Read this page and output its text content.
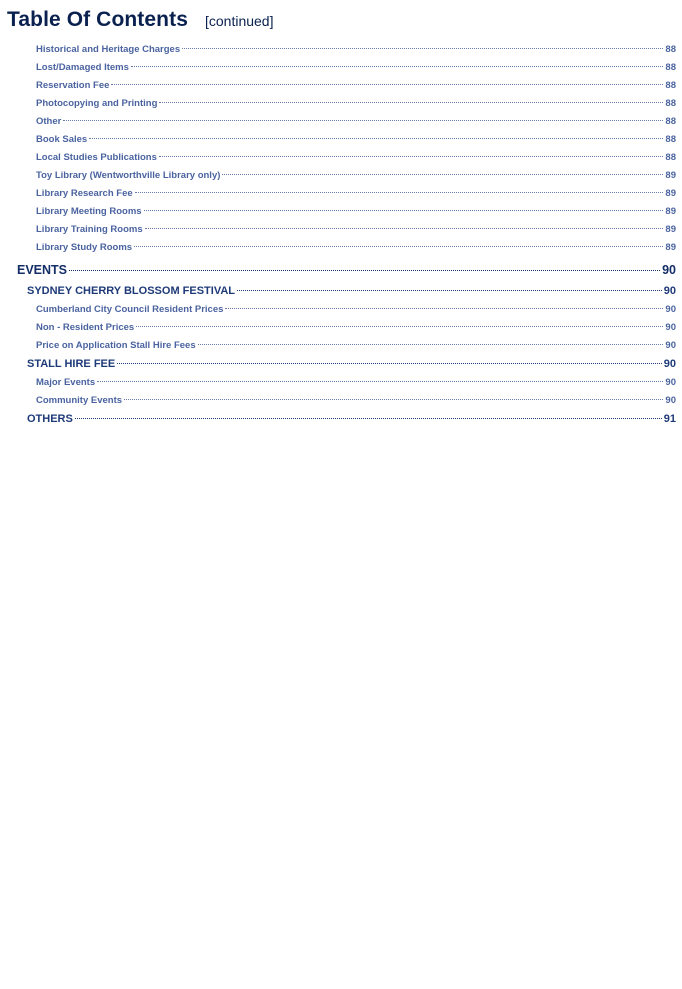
Table Of Contents [continued]
Historical and Heritage Charges	88
Lost/Damaged Items	88
Reservation Fee	88
Photocopying and Printing	88
Other	88
Book Sales	88
Local Studies Publications	88
Toy Library (Wentworthville Library only)	89
Library Research Fee	89
Library Meeting Rooms	89
Library Training Rooms	89
Library Study Rooms	89
EVENTS	90
SYDNEY CHERRY BLOSSOM FESTIVAL	90
Cumberland City Council Resident Prices	90
Non - Resident Prices	90
Price on Application Stall Hire Fees	90
STALL HIRE FEE	90
Major Events	90
Community Events	90
OTHERS	91
